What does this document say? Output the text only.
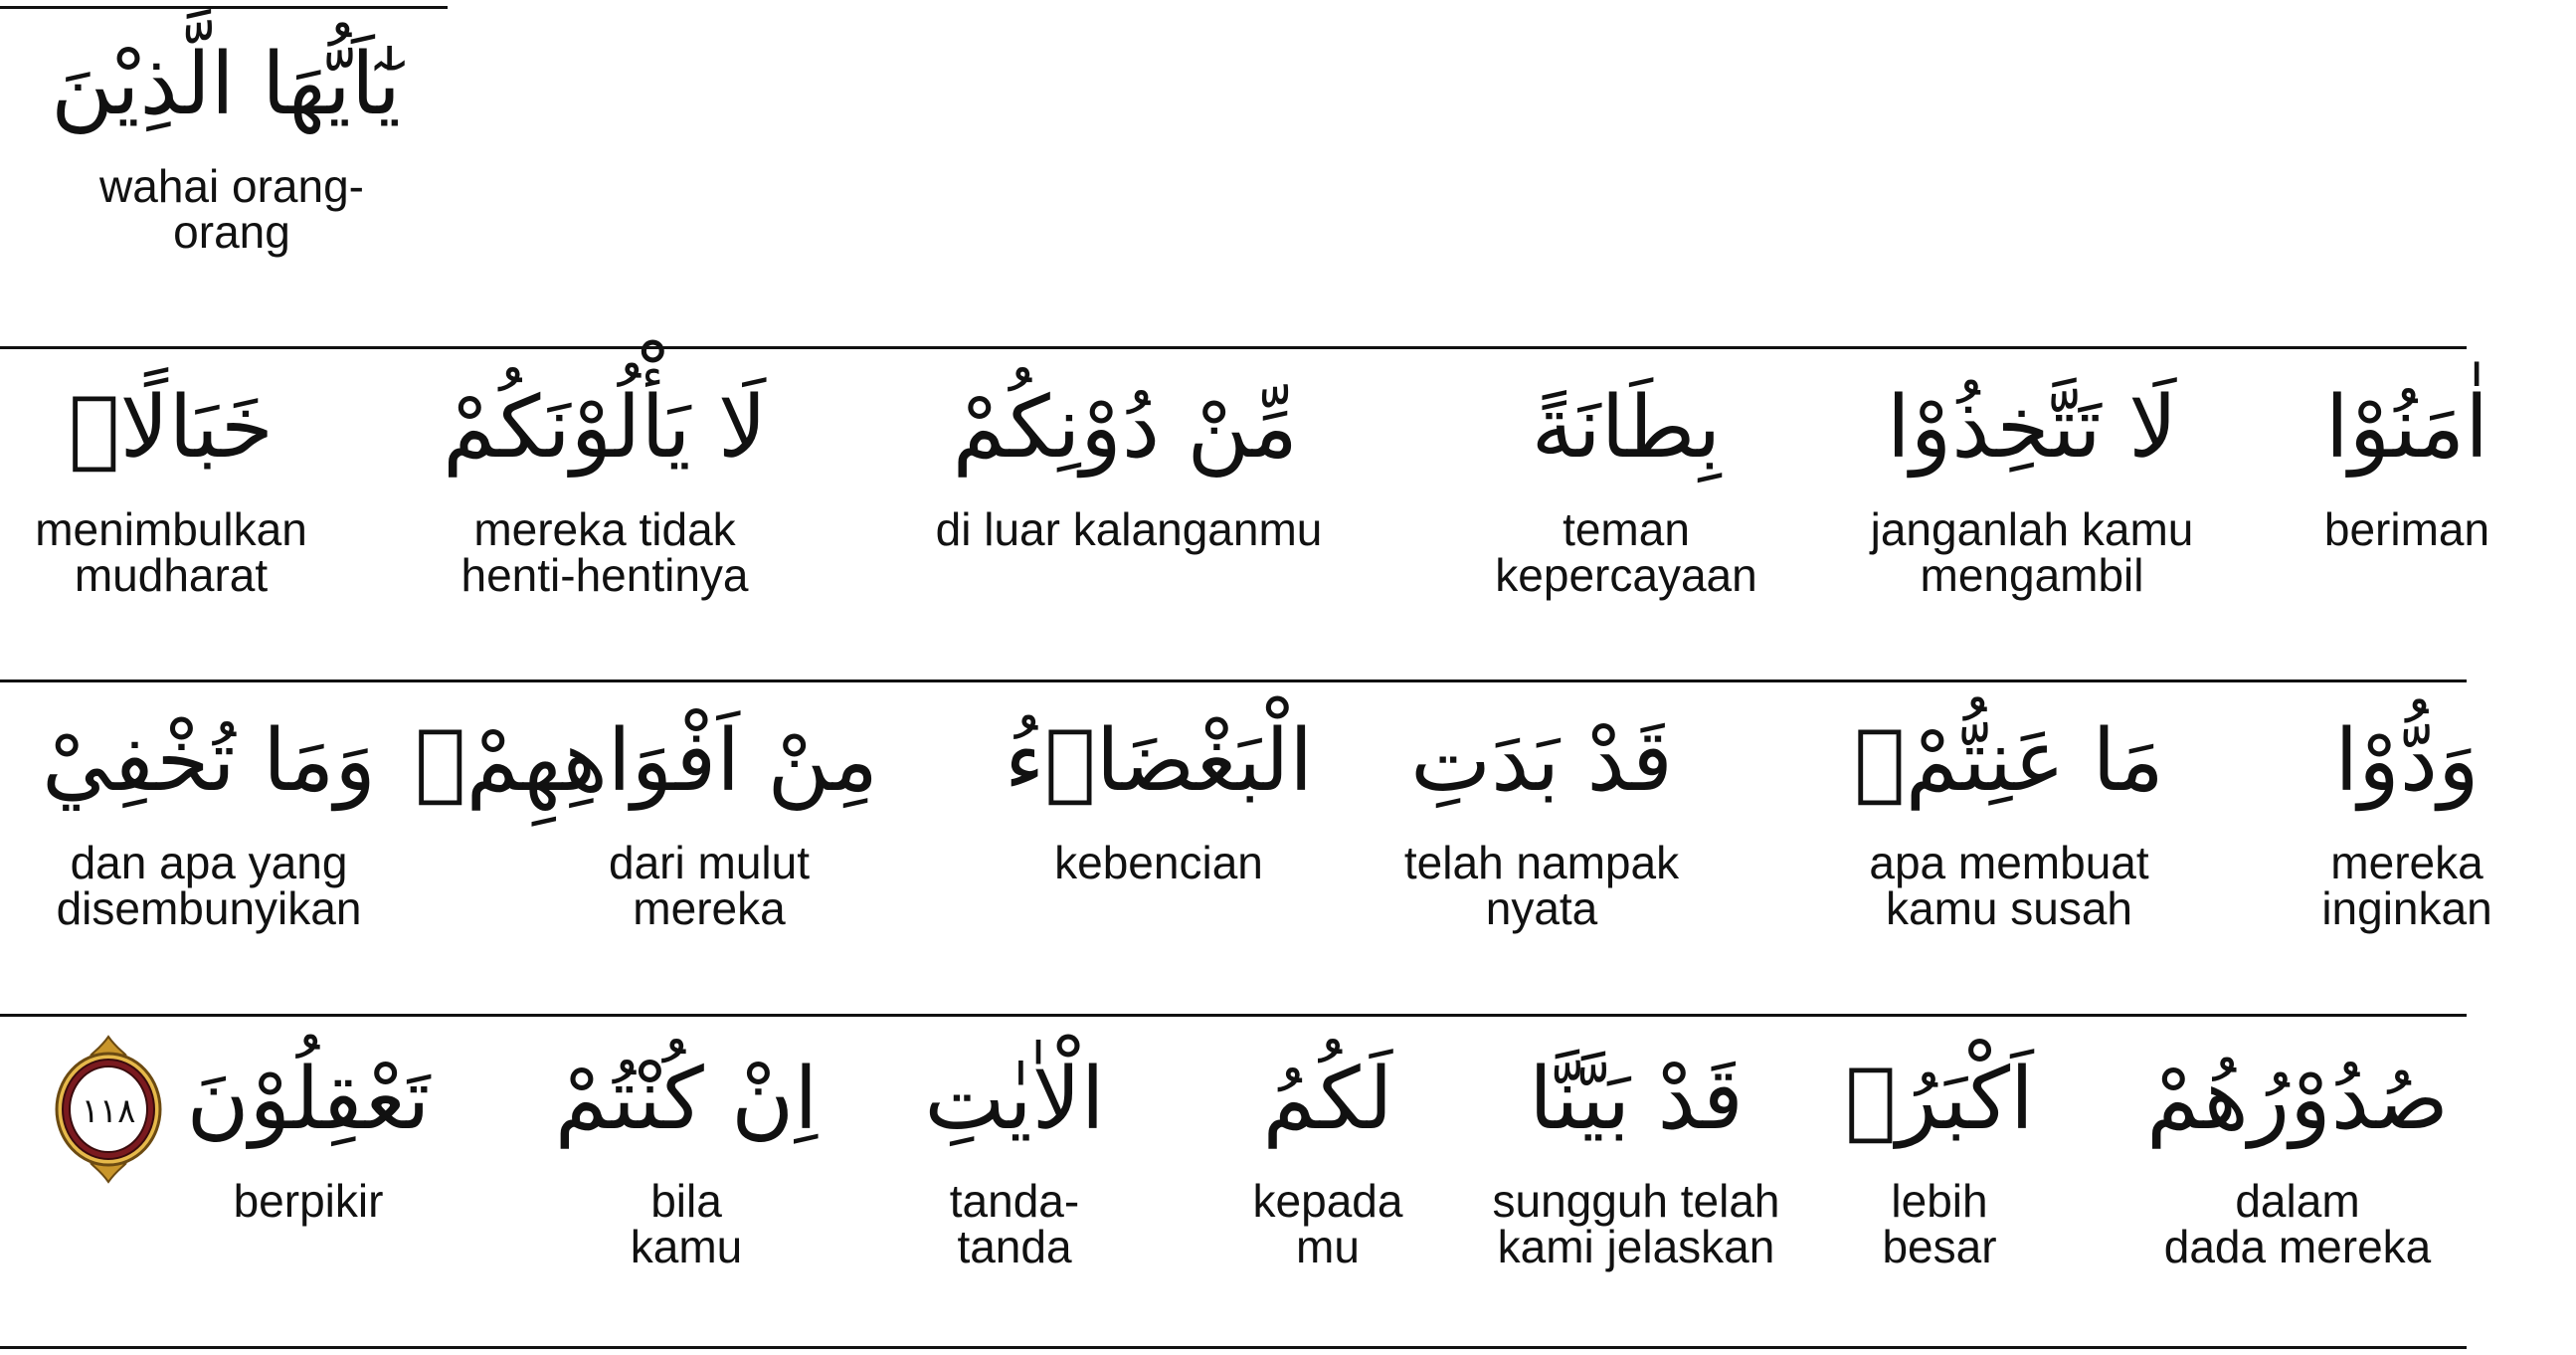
يٰٓاَيُّهَا الَّذِيْنَ
wahai orang-
orang
اٰمَنُوْا
beriman
لَا تَتَّخِذُوْا
janganlah kamu
mengambil
بِطَانَةً
teman
kepercayaan
مِّنْ دُوْنِكُمْ
di luar kalanganmu
لَا يَأْلُوْنَكُمْ
mereka tidak
henti-hentinya
خَبَالًاۗ
menimbulkan
mudharat
وَدُّوْا
mereka
inginkan
مَا عَنِتُّمْۚ
apa membuat
kamu susah
قَدْ بَدَتِ
telah nampak
nyata
الْبَغْضَاۤءُ
kebencian
مِنْ اَفْوَاهِهِمْۖ
dari mulut
mereka
وَمَا تُخْفِيْ
dan apa yang
disembunyikan
صُدُوْرُهُمْ
dalam
dada mereka
اَكْبَرُۗ
lebih
besar
قَدْ بَيَّنَّا
sungguh telah
kami jelaskan
لَكُمُ
kepada
mu
الْاٰيٰتِ
tanda-
tanda
اِنْ كُنْتُمْ
bila
kamu
تَعْقِلُوْنَ
berpikir
١١٨
